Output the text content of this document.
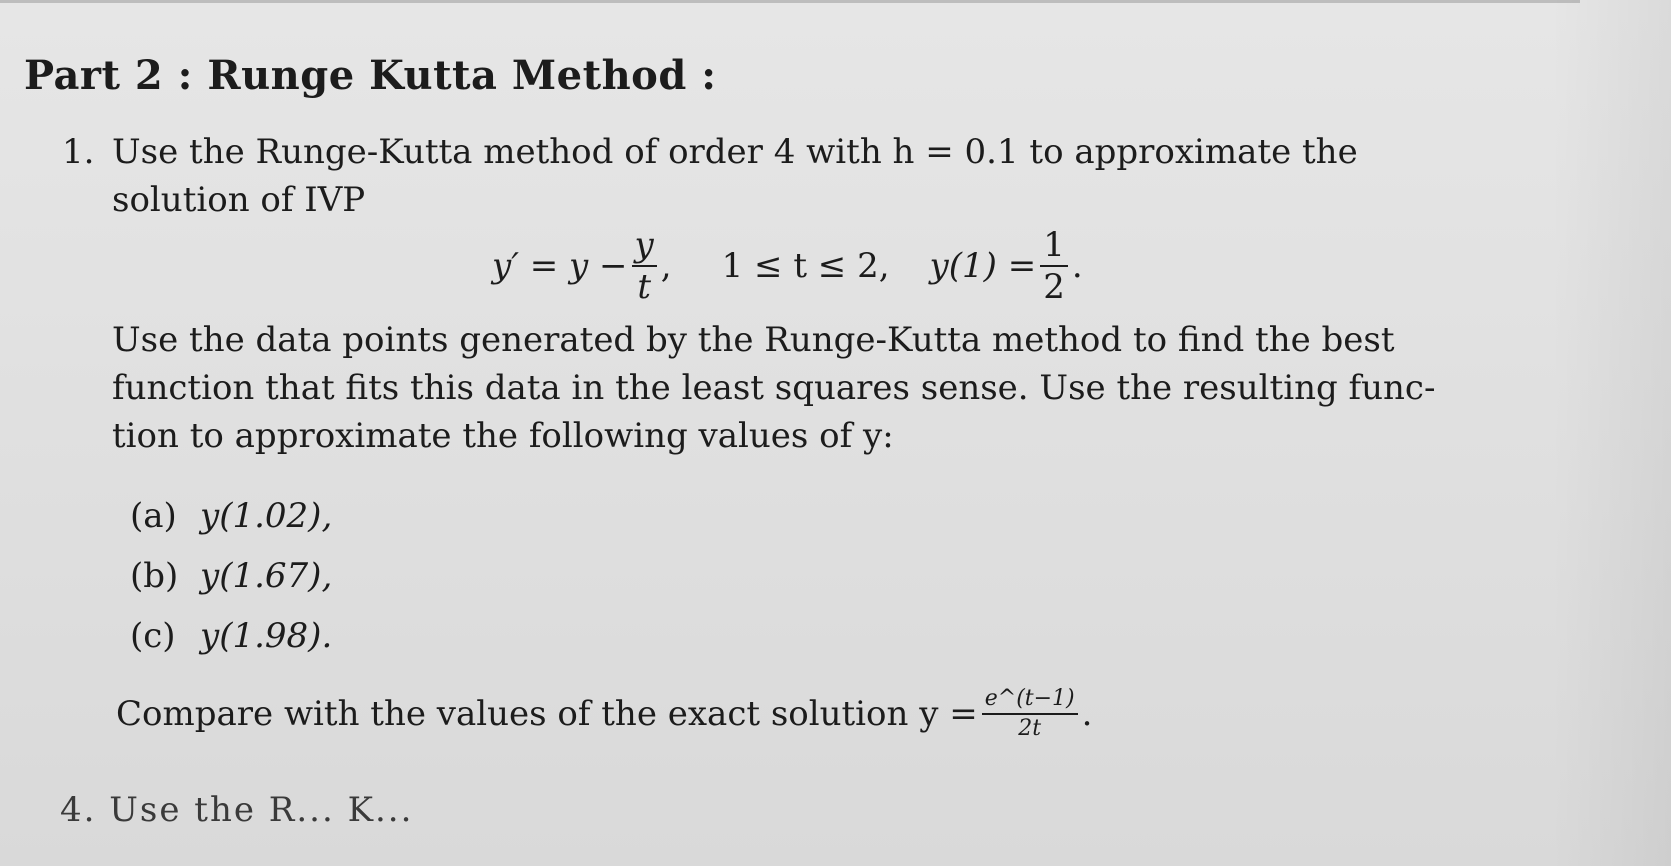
Part 2 : Runge Kutta Method :
1. Use the Runge-Kutta method of order 4 with h = 0.1 to approximate the
solution of IVP
$y' = y - \frac{y}{t}$ , 1 ≤ t ≤ 2, $y(1) = \frac{1}{2}$ .
Use the data points generated by the Runge-Kutta method to find the best
function that fits this data in the least squares sense. Use the resulting func-
tion to approximate the following values of y:
(a) y(1.02),
(b) y(1.67),
(c) y(1.98).
Compare with the values of the exact solution $y = \frac{e\^{}(t-1)}{2t}$ .
4. Use the R... K...
